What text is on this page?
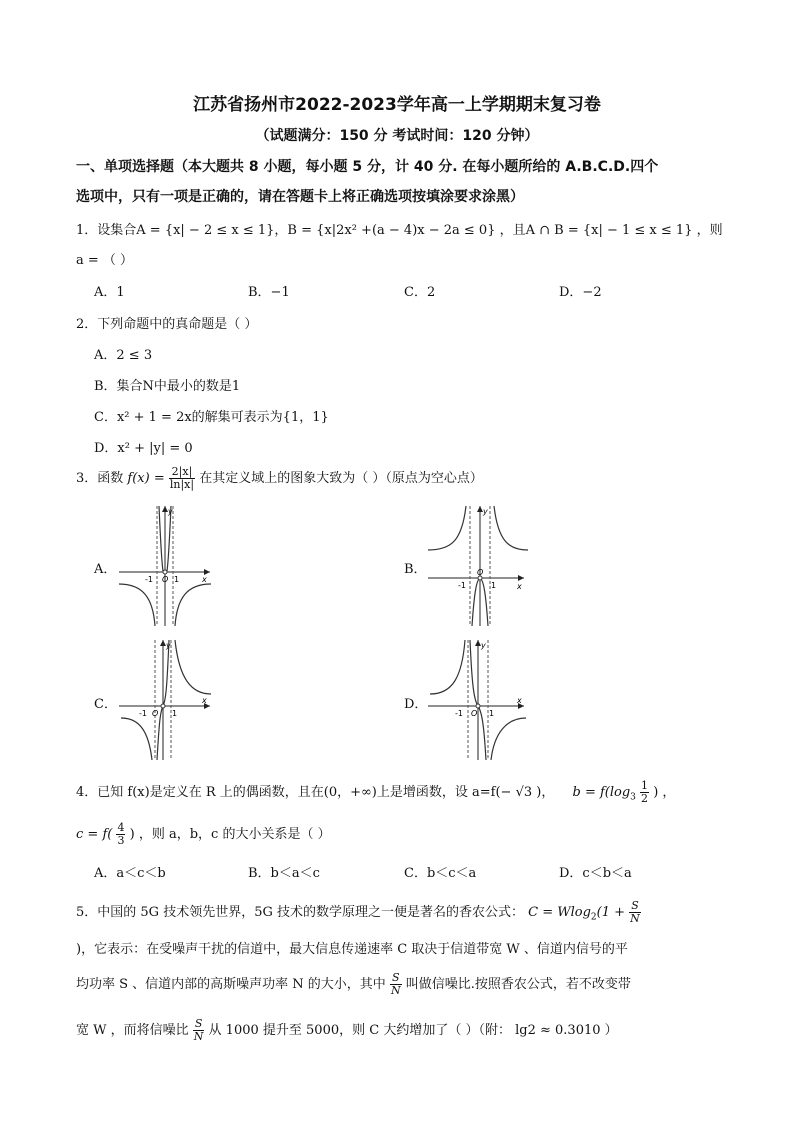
江苏省扬州市2022-2023学年高一上学期期末复习卷
（试题满分：150 分 考试时间：120 分钟）
一、单项选择题（本大题共 8 小题，每小题 5 分，计 40 分. 在每小题所给的 A.B.C.D.四个
选项中，只有一项是正确的，请在答题卡上将正确选项按填涂要求涂黑）
1．设集合A = {x| − 2 ≤ x ≤ 1}，B = {x|2x² +(a − 4)x − 2a ≤ 0} ，且A ∩ B = {x| − 1 ≤ x ≤ 1} ，则
a = （ ）
A．1	B．−1	C．2	D．−2
2．下列命题中的真命题是（ ）
A．2 ≤ 3
B．集合N中最小的数是1
C．x² + 1 = 2x的解集可表示为{1，1}
D．x² + |y| = 0
3．函数 $f(x) = \frac{2|x|}{\ln|x|}$ 在其定义域上的图象大致为（ ）（原点为空心点）
A．	B．
C．	D．
y
x
O
-1	1
y
x
O
-1	1
y
x
O
-1	1
y
x
O
-1	1
4．已知 f(x)是定义在 R 上的偶函数，且在(0，+∞)上是增函数，设 a=f(− √3 )， $b = f(\log_3 \frac{1}{2}$ ) ，
$c = f( \frac{4}{3}$ ) ，则 a，b，c 的大小关系是（ ）
A．a＜c＜b	B．b＜a＜c	C．b＜c＜a	D．c＜b＜a
5．中国的 5G 技术领先世界，5G 技术的数学原理之一便是著名的香农公式： $C = Wlog_2(1 + \frac{S}{N}$
)，它表示：在受噪声干扰的信道中，最大信息传递速率 C 取决于信道带宽 W 、信道内信号的平
均功率 S 、信道内部的高斯噪声功率 N 的大小，其中 $\frac{S}{N}$ 叫做信噪比.按照香农公式，若不改变带
宽 W ，而将信噪比 $\frac{S}{N}$ 从 1000 提升至 5000，则 C 大约增加了（ ）（附： lg2 ≈ 0.3010 ）
